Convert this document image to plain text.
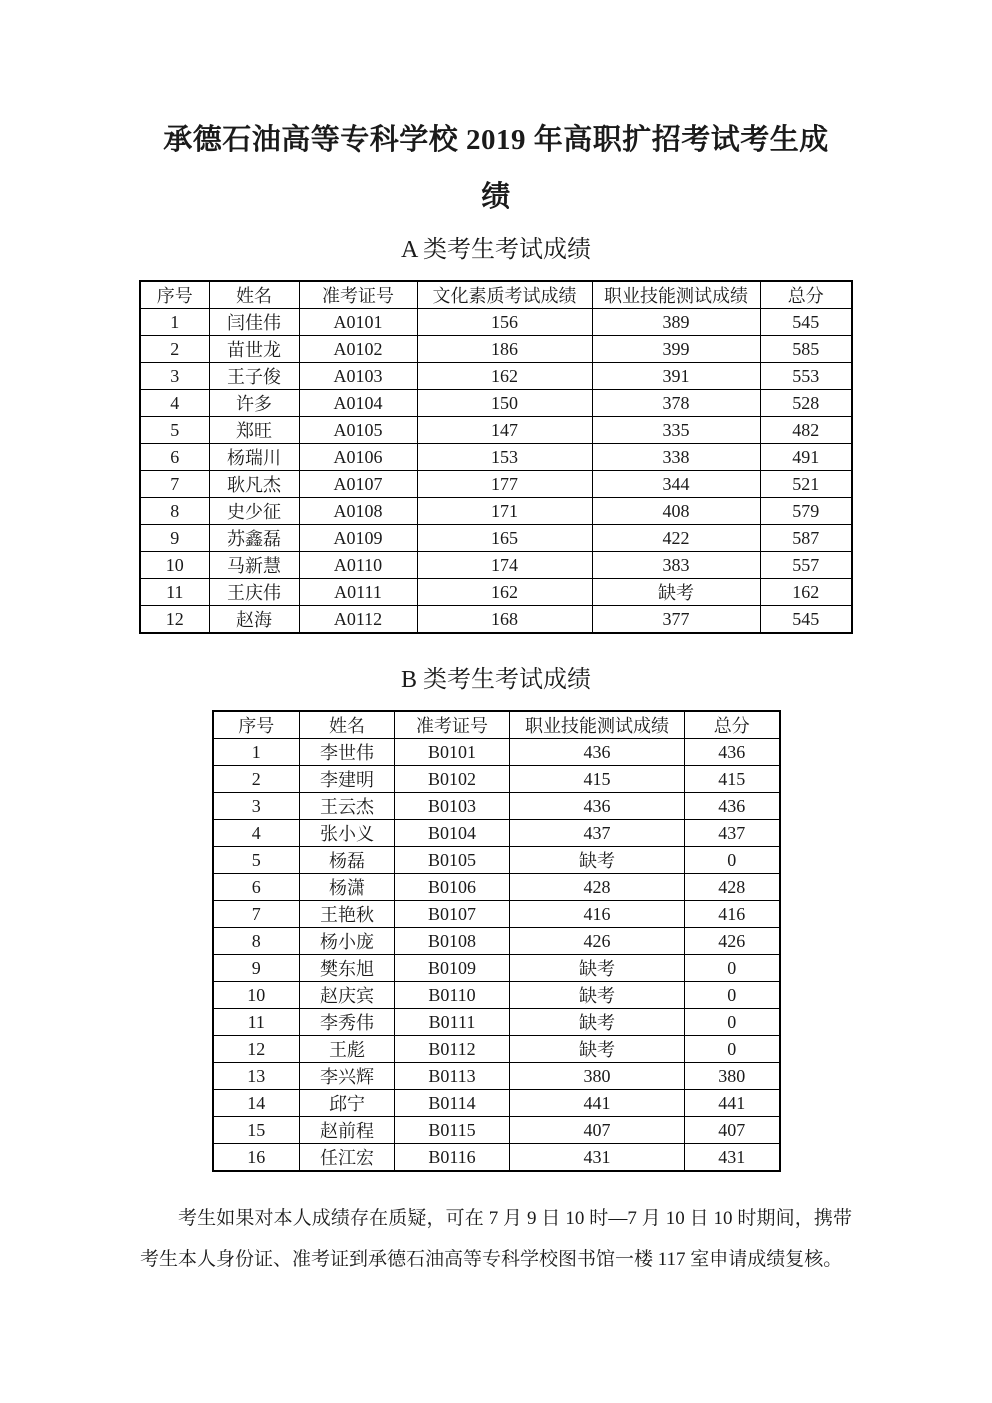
承德石油高等专科学校 2019 年高职扩招考试考生成绩
A 类考生考试成绩
序号	姓名	准考证号	文化素质考试成绩	职业技能测试成绩	总分
1	闫佳伟	A0101	156	389	545
2	苗世龙	A0102	186	399	585
3	王子俊	A0103	162	391	553
4	许多	A0104	150	378	528
5	郑旺	A0105	147	335	482
6	杨瑞川	A0106	153	338	491
7	耿凡杰	A0107	177	344	521
8	史少征	A0108	171	408	579
9	苏鑫磊	A0109	165	422	587
10	马新慧	A0110	174	383	557
11	王庆伟	A0111	162	缺考	162
12	赵海	A0112	168	377	545
B 类考生考试成绩
序号	姓名	准考证号	职业技能测试成绩	总分
1	李世伟	B0101	436	436
2	李建明	B0102	415	415
3	王云杰	B0103	436	436
4	张小义	B0104	437	437
5	杨磊	B0105	缺考	0
6	杨潇	B0106	428	428
7	王艳秋	B0107	416	416
8	杨小庞	B0108	426	426
9	樊东旭	B0109	缺考	0
10	赵庆宾	B0110	缺考	0
11	李秀伟	B0111	缺考	0
12	王彪	B0112	缺考	0
13	李兴辉	B0113	380	380
14	邱宁	B0114	441	441
15	赵前程	B0115	407	407
16	任江宏	B0116	431	431

考生如果对本人成绩存在质疑，可在 7 月 9 日 10 时—7 月 10 日 10 时期间，携带考生本人身份证、准考证到承德石油高等专科学校图书馆一楼 117 室申请成绩复核。
